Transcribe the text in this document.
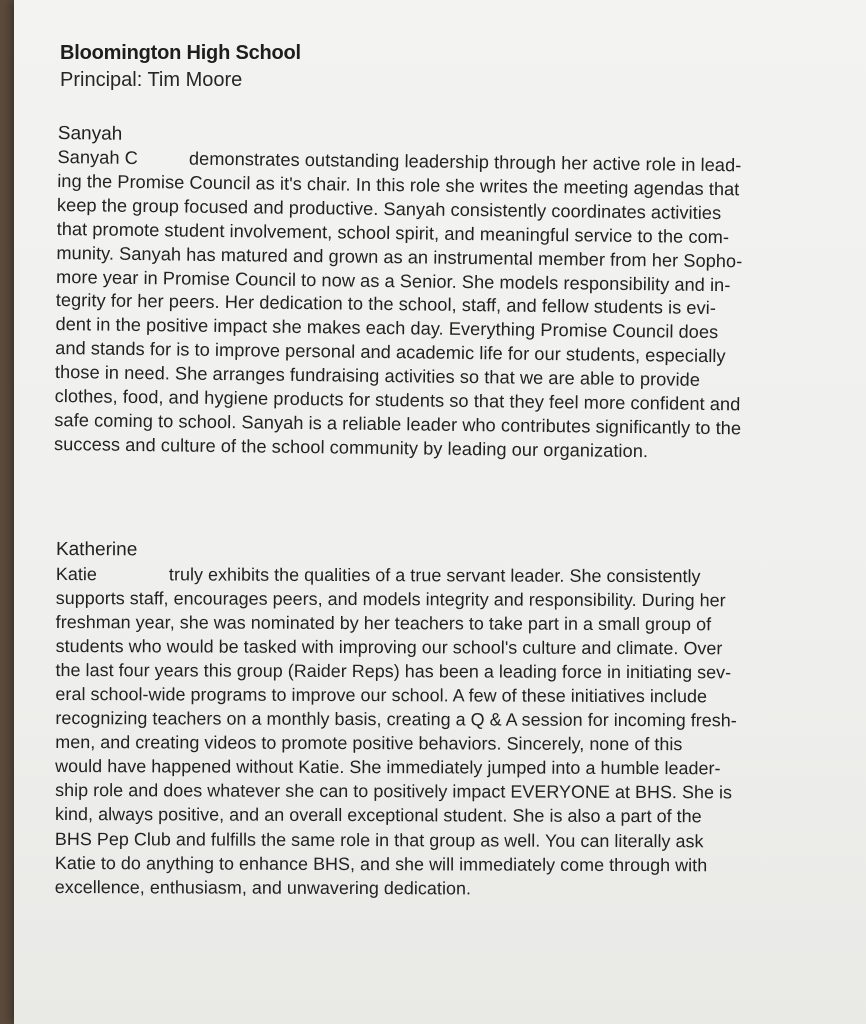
Bloomington High School
Principal: Tim Moore
Sanyah

Sanyah C	demonstrates outstanding leadership through her active role in lead-

ing the Promise Council as it's chair. In this role she writes the meeting agendas that

keep the group focused and productive. Sanyah consistently coordinates activities

that promote student involvement, school spirit, and meaningful service to the com-

munity. Sanyah has matured and grown as an instrumental member from her Sopho-

more year in Promise Council to now as a Senior. She models responsibility and in-

tegrity for her peers. Her dedication to the school, staff, and fellow students is evi-

dent in the positive impact she makes each day. Everything Promise Council does

and stands for is to improve personal and academic life for our students, especially

those in need. She arranges fundraising activities so that we are able to provide

clothes, food, and hygiene products for students so that they feel more confident and

safe coming to school. Sanyah is a reliable leader who contributes significantly to the

success and culture of the school community by leading our organization.

Katherine

Katie	truly exhibits the qualities of a true servant leader. She consistently

supports staff, encourages peers, and models integrity and responsibility. During her

freshman year, she was nominated by her teachers to take part in a small group of

students who would be tasked with improving our school's culture and climate. Over

the last four years this group (Raider Reps) has been a leading force in initiating sev-

eral school-wide programs to improve our school. A few of these initiatives include

recognizing teachers on a monthly basis, creating a Q & A session for incoming fresh-

men, and creating videos to promote positive behaviors. Sincerely, none of this

would have happened without Katie. She immediately jumped into a humble leader-

ship role and does whatever she can to positively impact EVERYONE at BHS. She is

kind, always positive, and an overall exceptional student. She is also a part of the

BHS Pep Club and fulfills the same role in that group as well. You can literally ask

Katie to do anything to enhance BHS, and she will immediately come through with

excellence, enthusiasm, and unwavering dedication.
